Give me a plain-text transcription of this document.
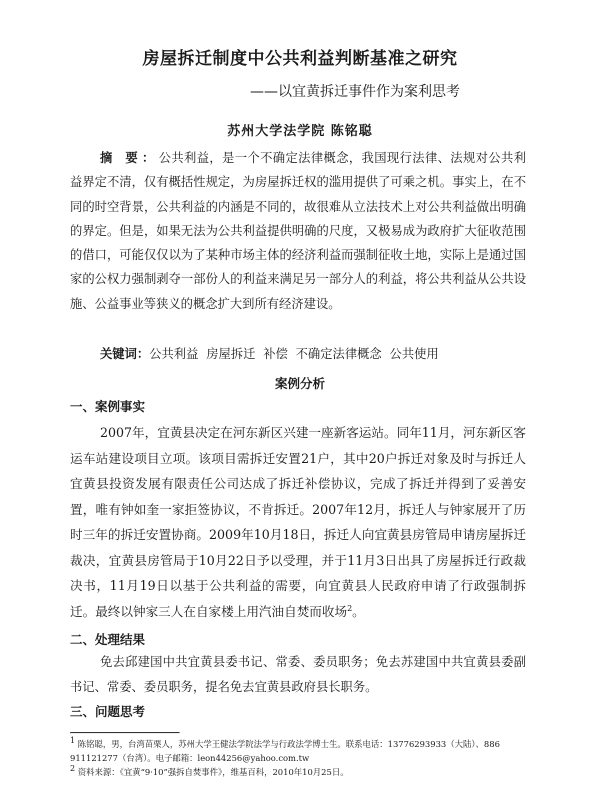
房屋拆迁制度中公共利益判断基准之研究

——以宜黄拆迁事件作为案利思考

苏州大学法学院 陈铭聪

摘 要：公共利益，是一个不确定法律概念，我国现行法律、法规对公共利益界定不清，仅有概括性规定，为房屋拆迁权的滥用提供了可乘之机。事实上，在不同的时空背景，公共利益的内涵是不同的，故很难从立法技术上对公共利益做出明确的界定。但是，如果无法为公共利益提供明确的尺度，又极易成为政府扩大征收范围的借口，可能仅仅以为了某种市场主体的经济利益而强制征收土地，实际上是通过国家的公权力强制剥夺一部份人的利益来满足另一部分人的利益，将公共利益从公共设施、公益事业等狭义的概念扩大到所有经济建设。

关键词：公共利益  房屋拆迁  补偿  不确定法律概念  公共使用

案例分析
一、案例事实

2007年，宜黄县决定在河东新区兴建一座新客运站。同年11月，河东新区客运车站建设项目立项。该项目需拆迁安置21户，其中20户拆迁对象及时与拆迁人宜黄县投资发展有限责任公司达成了拆迁补偿协议，完成了拆迁并得到了妥善安置，唯有钟如奎一家拒签协议，不肯拆迁。2007年12月，拆迁人与钟家展开了历时三年的拆迁安置协商。2009年10月18日，拆迁人向宜黄县房管局申请房屋拆迁裁决，宜黄县房管局于10月22日予以受理，并于11月3日出具了房屋拆迁行政裁决书，11月19日以基于公共利益的需要，向宜黄县人民政府申请了行政强制拆迁。最终以钟家三人在自家楼上用汽油自焚而收场$^2$。

二、处理结果

免去邱建国中共宜黄县委书记、常委、委员职务；免去苏建国中共宜黄县委副书记、常委、委员职务，提名免去宜黄县政府县长职务。

三、问题思考

$^1$ 陈铭聪，男，台湾苗栗人，苏州大学王健法学院法学与行政法学博士生。联系电话：13776293933（大陆）、886 911121277（台湾）。电子邮箱：leon44256@yahoo.com.tw

$^2$ 资料来源：《宜黄“9·10”强拆自焚事件》，维基百科，2010年10月25日。
